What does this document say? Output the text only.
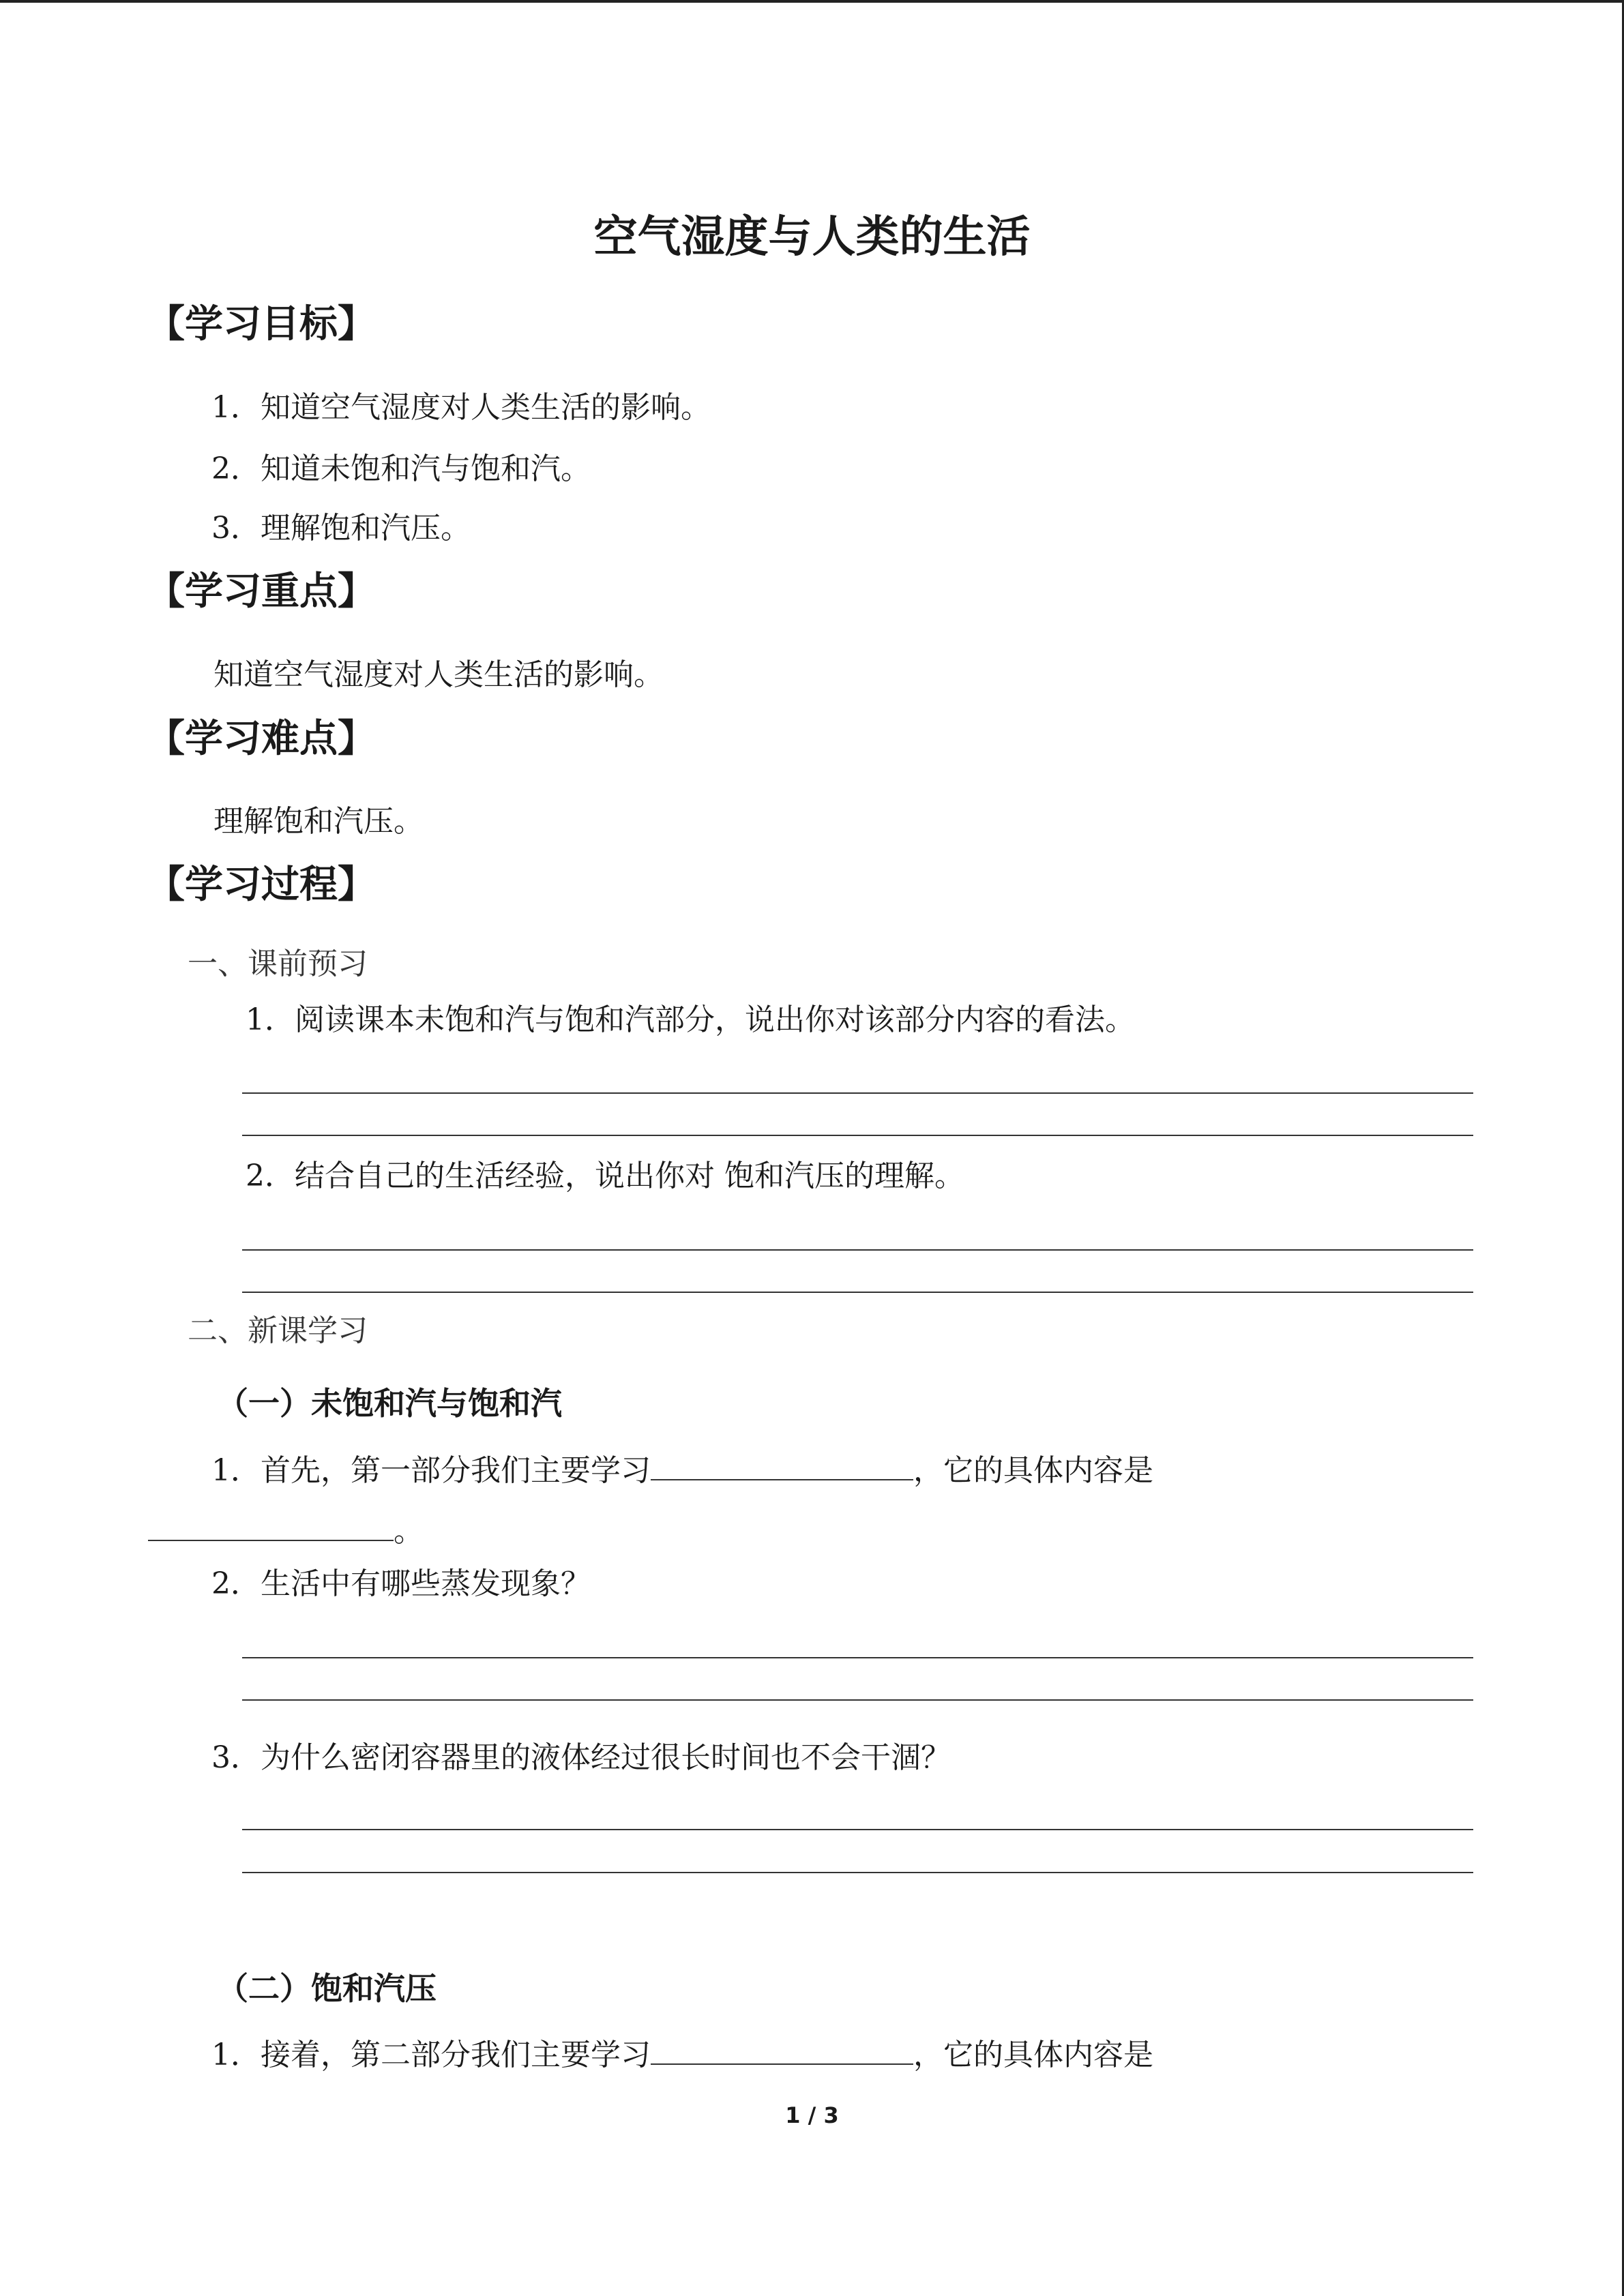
空气湿度与人类的生活
【学习目标】
1．知道空气湿度对人类生活的影响。
2．知道未饱和汽与饱和汽。
3．理解饱和汽压。
【学习重点】
知道空气湿度对人类生活的影响。
【学习难点】
理解饱和汽压。
【学习过程】
一、课前预习
1．阅读课本未饱和汽与饱和汽部分，说出你对该部分内容的看法。
2．结合自己的生活经验，说出你对 饱和汽压的理解。
二、新课学习
（一）未饱和汽与饱和汽
1．首先，第一部分我们主要学习	，它的具体内容是
。
2．生活中有哪些蒸发现象？
3．为什么密闭容器里的液体经过很长时间也不会干涸？
（二）饱和汽压
1．接着，第二部分我们主要学习	，它的具体内容是
1 / 3
